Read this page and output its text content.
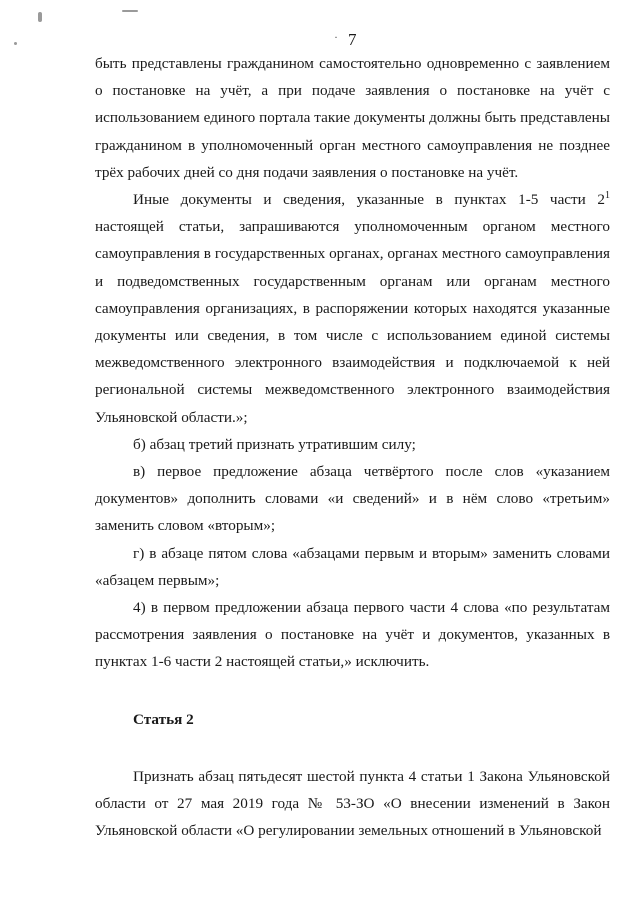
· 7

быть представлены гражданином самостоятельно одновременно с заявлением о постановке на учёт, а при подаче заявления о постановке на учёт с использованием единого портала такие документы должны быть представлены гражданином в уполномоченный орган местного самоуправления не позднее трёх рабочих дней со дня подачи заявления о постановке на учёт.

Иные документы и сведения, указанные в пунктах 1-5 части $2^1$ настоящей статьи, запрашиваются уполномоченным органом местного самоуправления в государственных органах, органах местного самоуправления и подведомственных государственным органам или органам местного самоуправления организациях, в распоряжении которых находятся указанные документы или сведения, в том числе с использованием единой системы межведомственного электронного взаимодействия и подключаемой к ней региональной системы межведомственного электронного взаимодействия Ульяновской области.»;

б) абзац третий признать утратившим силу;

в) первое предложение абзаца четвёртого после слов «указанием документов» дополнить словами «и сведений» и в нём слово «третьим» заменить словом «вторым»;

г) в абзаце пятом слова «абзацами первым и вторым» заменить словами «абзацем первым»;

4) в первом предложении абзаца первого части 4 слова «по результатам рассмотрения заявления о постановке на учёт и документов, указанных в пунктах 1-6 части 2 настоящей статьи,» исключить.

Статья 2

Признать абзац пятьдесят шестой пункта 4 статьи 1 Закона Ульяновской области от 27 мая 2019 года № 53-ЗО «О внесении изменений в Закон Ульяновской области «О регулировании земельных отношений в Ульяновской
